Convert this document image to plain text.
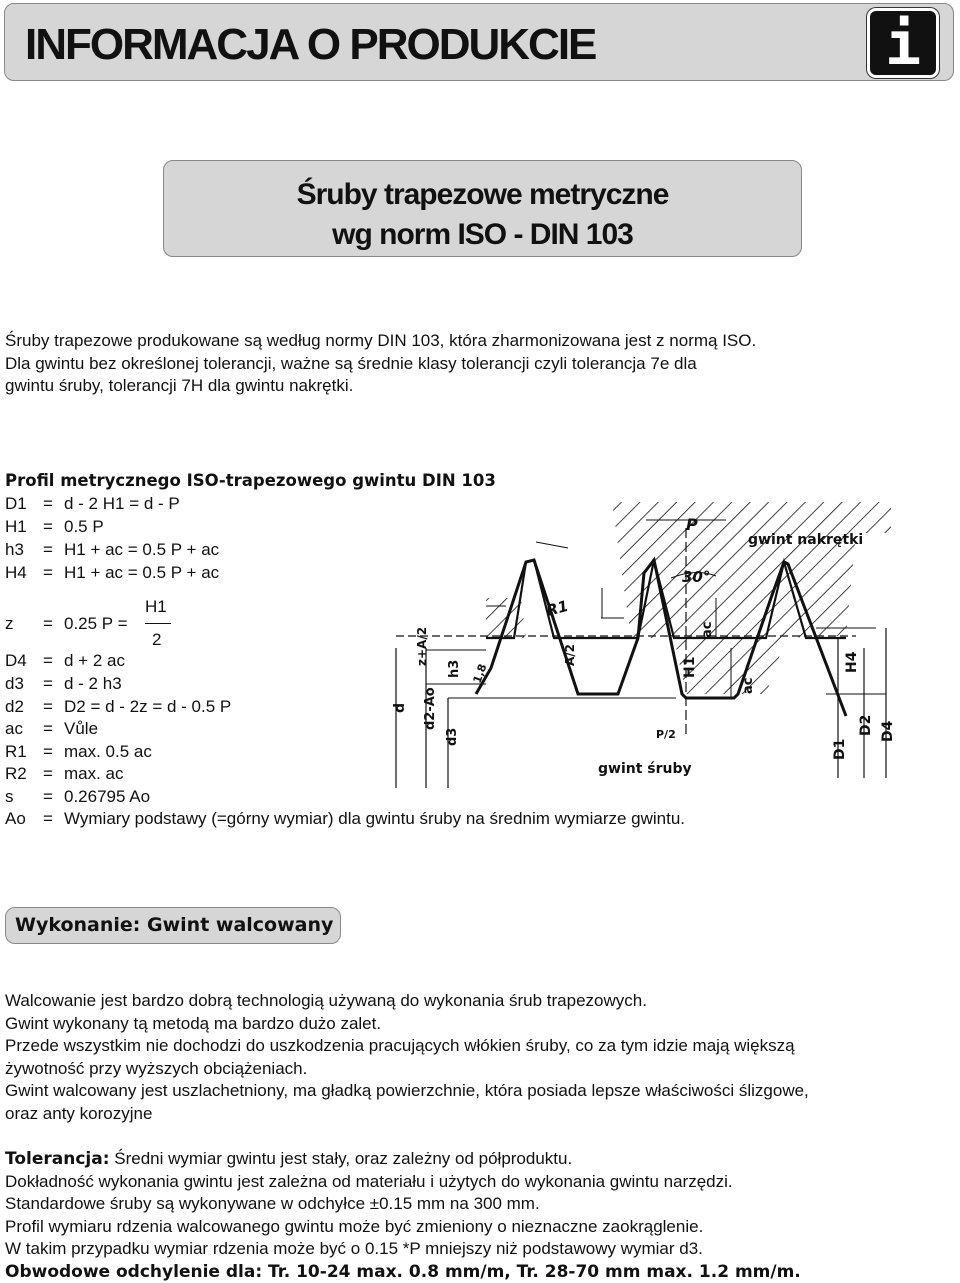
INFORMACJA O PRODUKCIE	i
Śruby trapezowe metryczne
wg norm ISO - DIN 103
Śruby trapezowe produkowane są według normy DIN 103, która zharmonizowana jest z normą ISO.
Dla gwintu bez określonej tolerancji, ważne są średnie klasy tolerancji czyli tolerancja 7e dla
gwintu śruby, tolerancji 7H dla gwintu nakrętki.
Profil metrycznego ISO-trapezowego gwintu DIN 103
D1 = d - 2 H1 = d - P
H1 = 0.5 P
h3 = H1 + ac = 0.5 P + ac
H4 = H1 + ac = 0.5 P + ac
H1
z = 0.25 P =
2
D4 = d + 2 ac
d3 = d - 2 h3
d2 = D2 = d - 2z = d - 0.5 P
ac = Vůle
R1 = max. 0.5 ac
R2 = max. ac
s = 0.26795 Ao
Ao = Wymiary podstawy (=górny wymiar) dla gwintu śruby na średnim wymiarze gwintu.
gwint nakrętki
gwint śruby
P
30°
R1
ac
ac
H1	H4
d d2-Ao
d3
h3
z+A/2	A/2
D1
D2 D4
1,8
P/2
Wykonanie: Gwint walcowany
Walcowanie jest bardzo dobrą technologią używaną do wykonania śrub trapezowych.
Gwint wykonany tą metodą ma bardzo dużo zalet.
Przede wszystkim nie dochodzi do uszkodzenia pracujących włókien śruby, co za tym idzie mają większą
żywotność przy wyższych obciążeniach.
Gwint walcowany jest uszlachetniony, ma gładką powierzchnie, która posiada lepsze właściwości ślizgowe,
oraz anty korozyjne
Tolerancja: Średni wymiar gwintu jest stały, oraz zależny od półproduktu.
Dokładność wykonania gwintu jest zależna od materiału i użytych do wykonania gwintu narzędzi.
Standardowe śruby są wykonywane w odchyłce ±0.15 mm na 300 mm.
Profil wymiaru rdzenia walcowanego gwintu może być zmieniony o nieznaczne zaokrąglenie.
W takim przypadku wymiar rdzenia może być o 0.15 *P mniejszy niż podstawowy wymiar d3.
Obwodowe odchylenie dla: Tr. 10-24 max. 0.8 mm/m, Tr. 28-70 mm max. 1.2 mm/m.
